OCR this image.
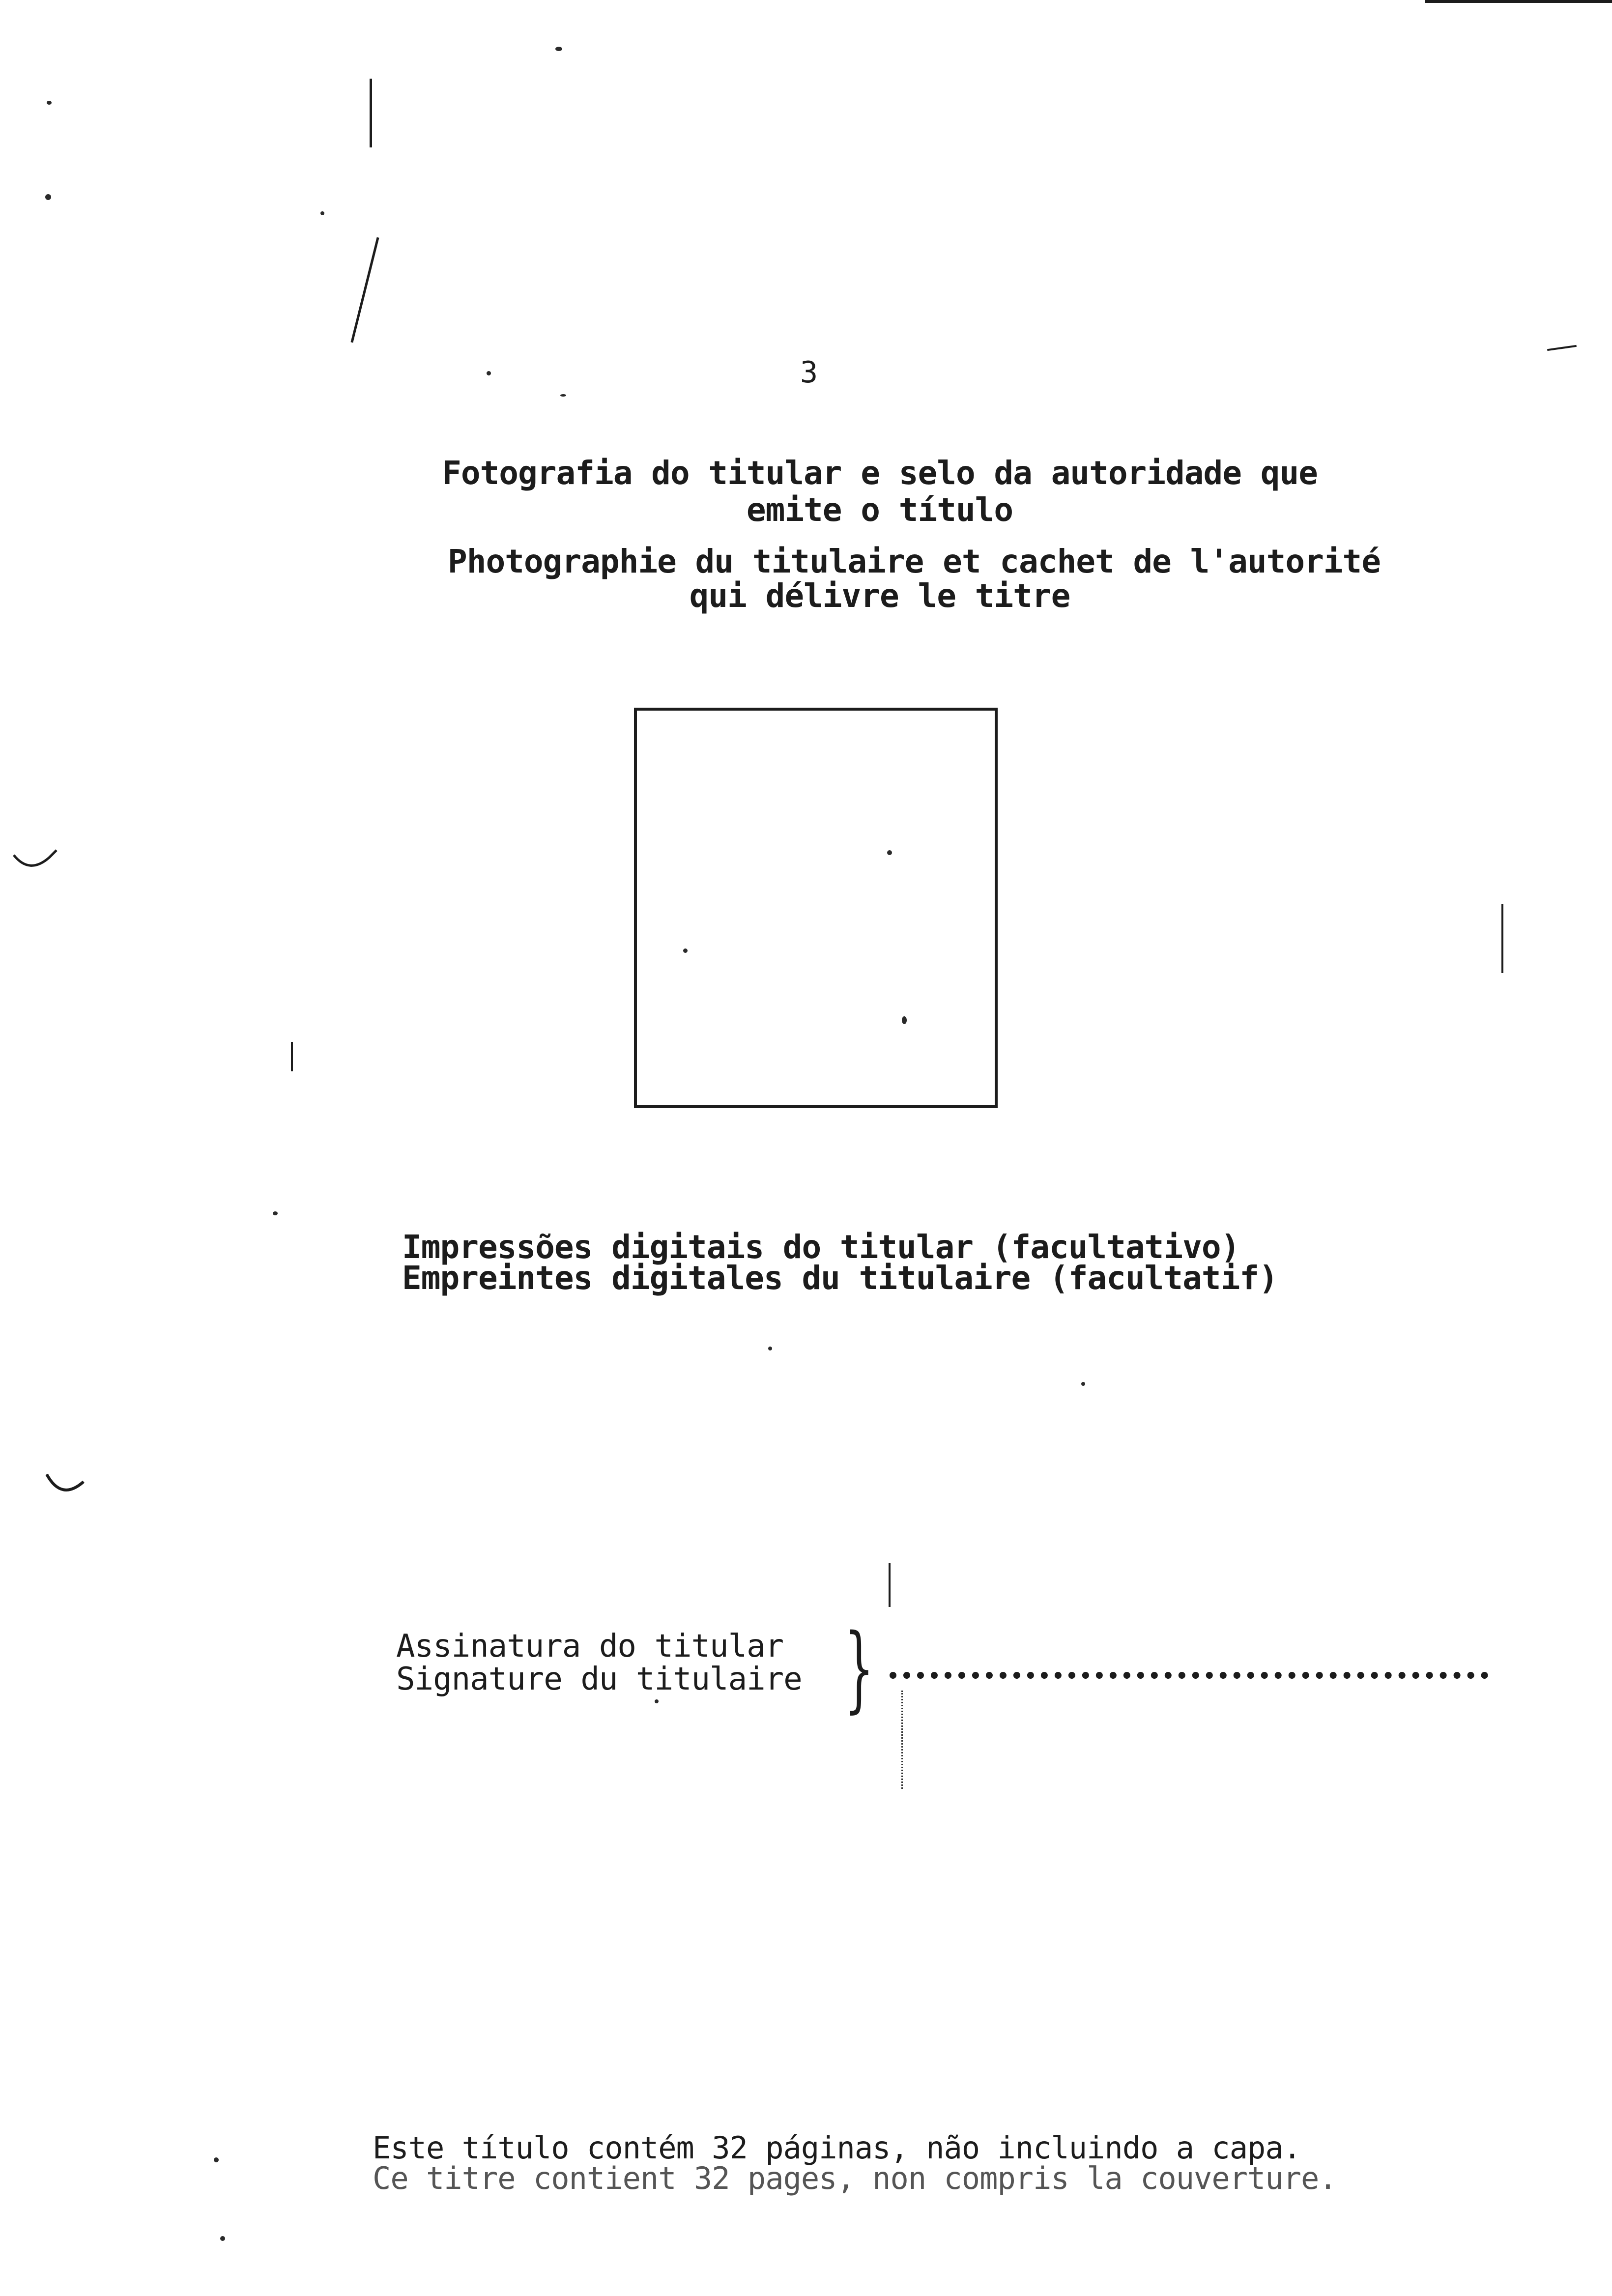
3
Fotografia do titular e selo da autoridade que
emite o título
Photographie du titulaire et cachet de l'autorité
qui délivre le titre
Impressões digitais do titular (facultativo)
Empreintes digitales du titulaire (facultatif)
Assinatura do titular
Signature du titulaire }
Este título contém 32 páginas, não incluindo a capa.
Ce titre contient 32 pages, non compris la couverture.
